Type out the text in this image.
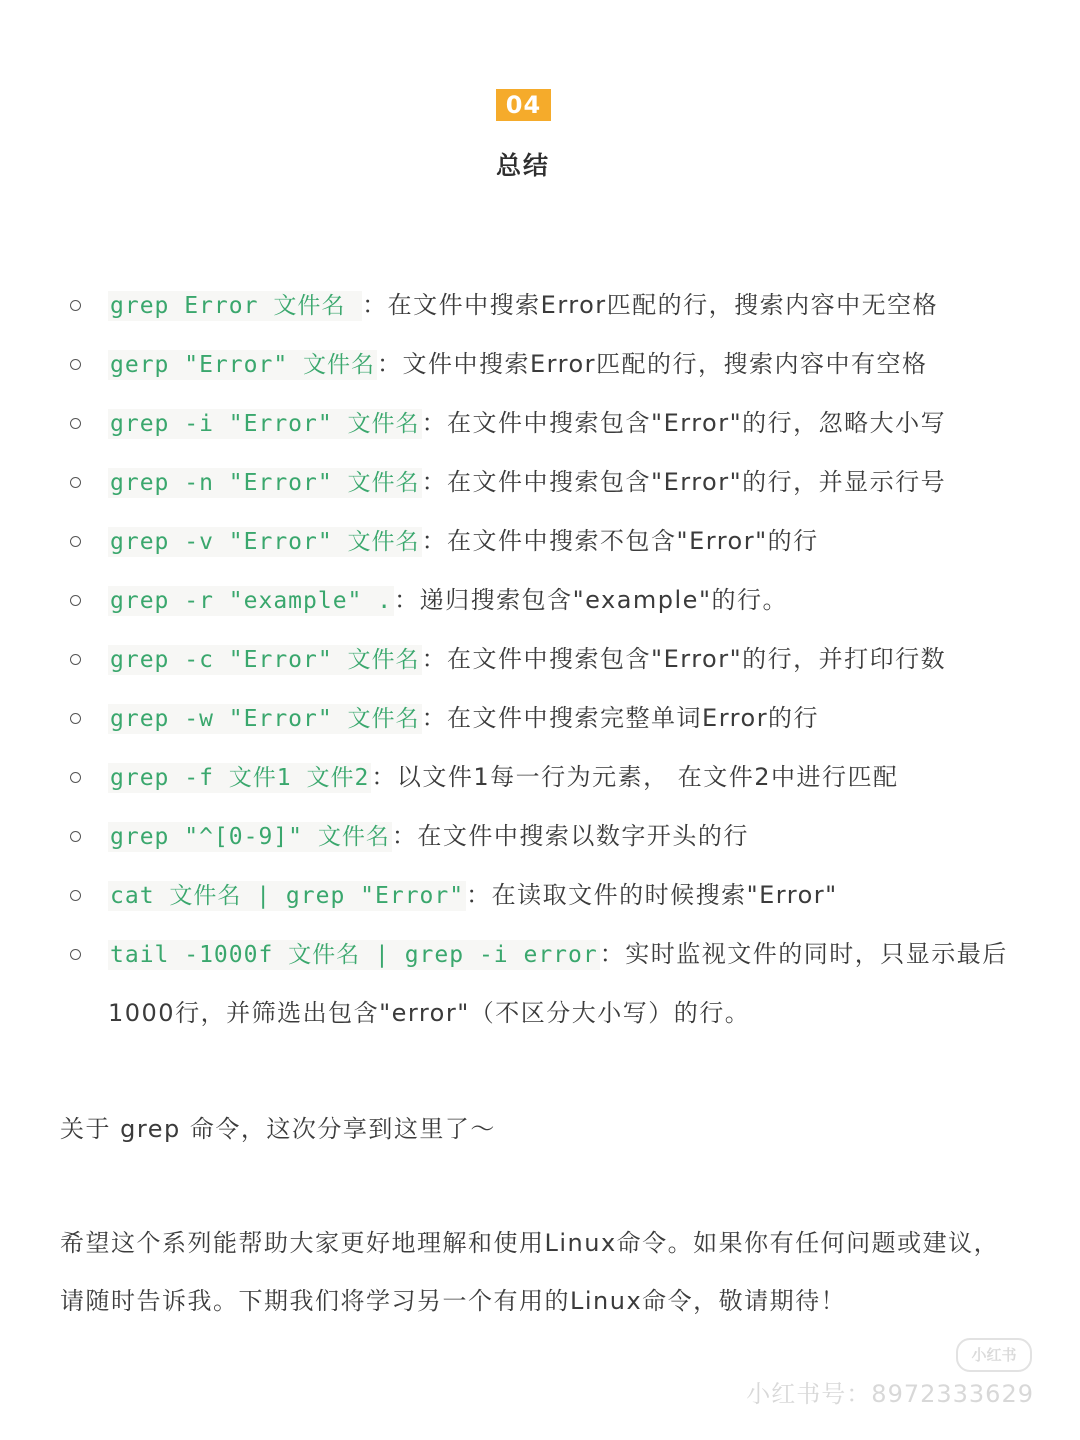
04
总结
grep Error 文件名 ：在文件中搜索Error匹配的行，搜索内容中无空格
gerp "Error" 文件名：文件中搜索Error匹配的行，搜索内容中有空格
grep -i "Error" 文件名：在文件中搜索包含"Error"的行，忽略大小写
grep -n "Error" 文件名：在文件中搜索包含"Error"的行，并显示行号
grep -v "Error" 文件名：在文件中搜索不包含"Error"的行
grep -r "example" .：递归搜索包含"example"的行。
grep -c "Error" 文件名：在文件中搜索包含"Error"的行，并打印行数
grep -w "Error" 文件名：在文件中搜索完整单词Error的行
grep -f 文件1 文件2：以文件1每一行为元素， 在文件2中进行匹配
grep "^[0-9]" 文件名：在文件中搜索以数字开头的行
cat 文件名 | grep "Error"：在读取文件的时候搜索"Error"
tail -1000f 文件名 | grep -i error：实时监视文件的同时，只显示最后1000行，并筛选出包含"error"（不区分大小写）的行。

关于 grep 命令，这次分享到这里了～

希望这个系列能帮助大家更好地理解和使用Linux命令。如果你有任何问题或建议，请随时告诉我。下期我们将学习另一个有用的Linux命令，敬请期待！

小红书
小红书号：8972333629
